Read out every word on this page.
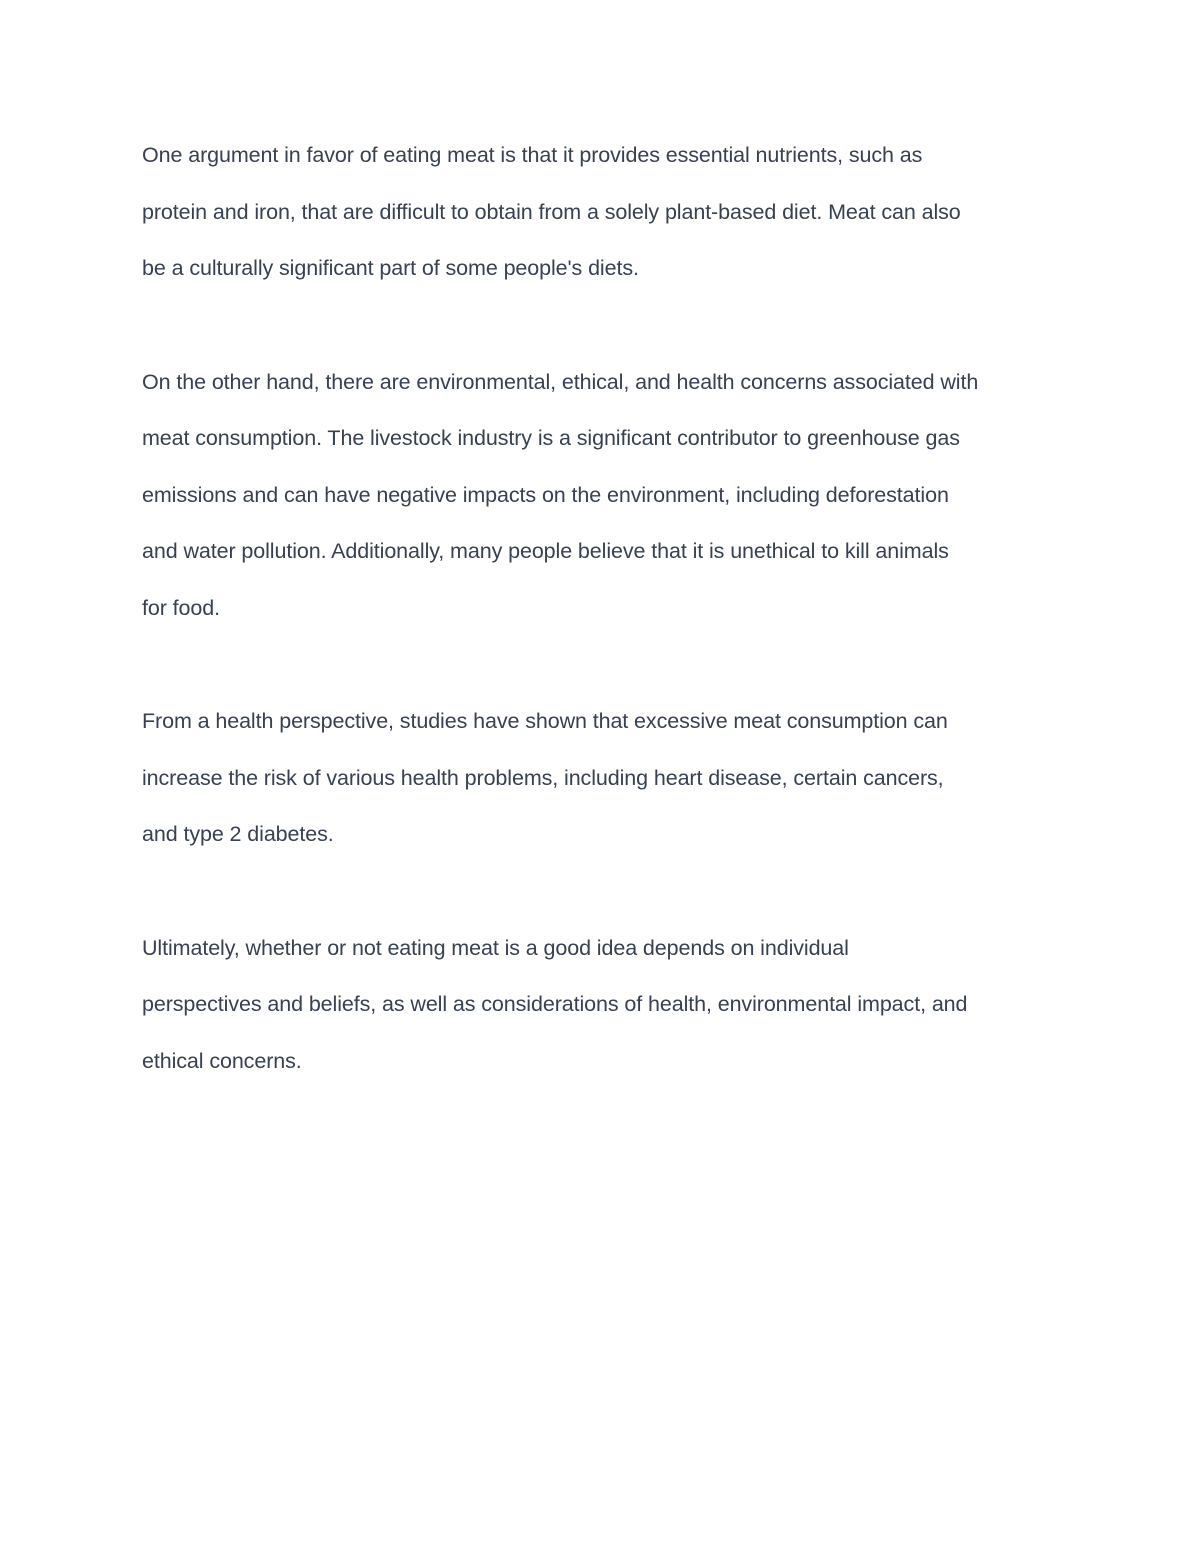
One argument in favor of eating meat is that it provides essential nutrients, such as
protein and iron, that are difficult to obtain from a solely plant-based diet. Meat can also
be a culturally significant part of some people's diets.

On the other hand, there are environmental, ethical, and health concerns associated with
meat consumption. The livestock industry is a significant contributor to greenhouse gas
emissions and can have negative impacts on the environment, including deforestation
and water pollution. Additionally, many people believe that it is unethical to kill animals
for food.

From a health perspective, studies have shown that excessive meat consumption can
increase the risk of various health problems, including heart disease, certain cancers,
and type 2 diabetes.

Ultimately, whether or not eating meat is a good idea depends on individual
perspectives and beliefs, as well as considerations of health, environmental impact, and
ethical concerns.
